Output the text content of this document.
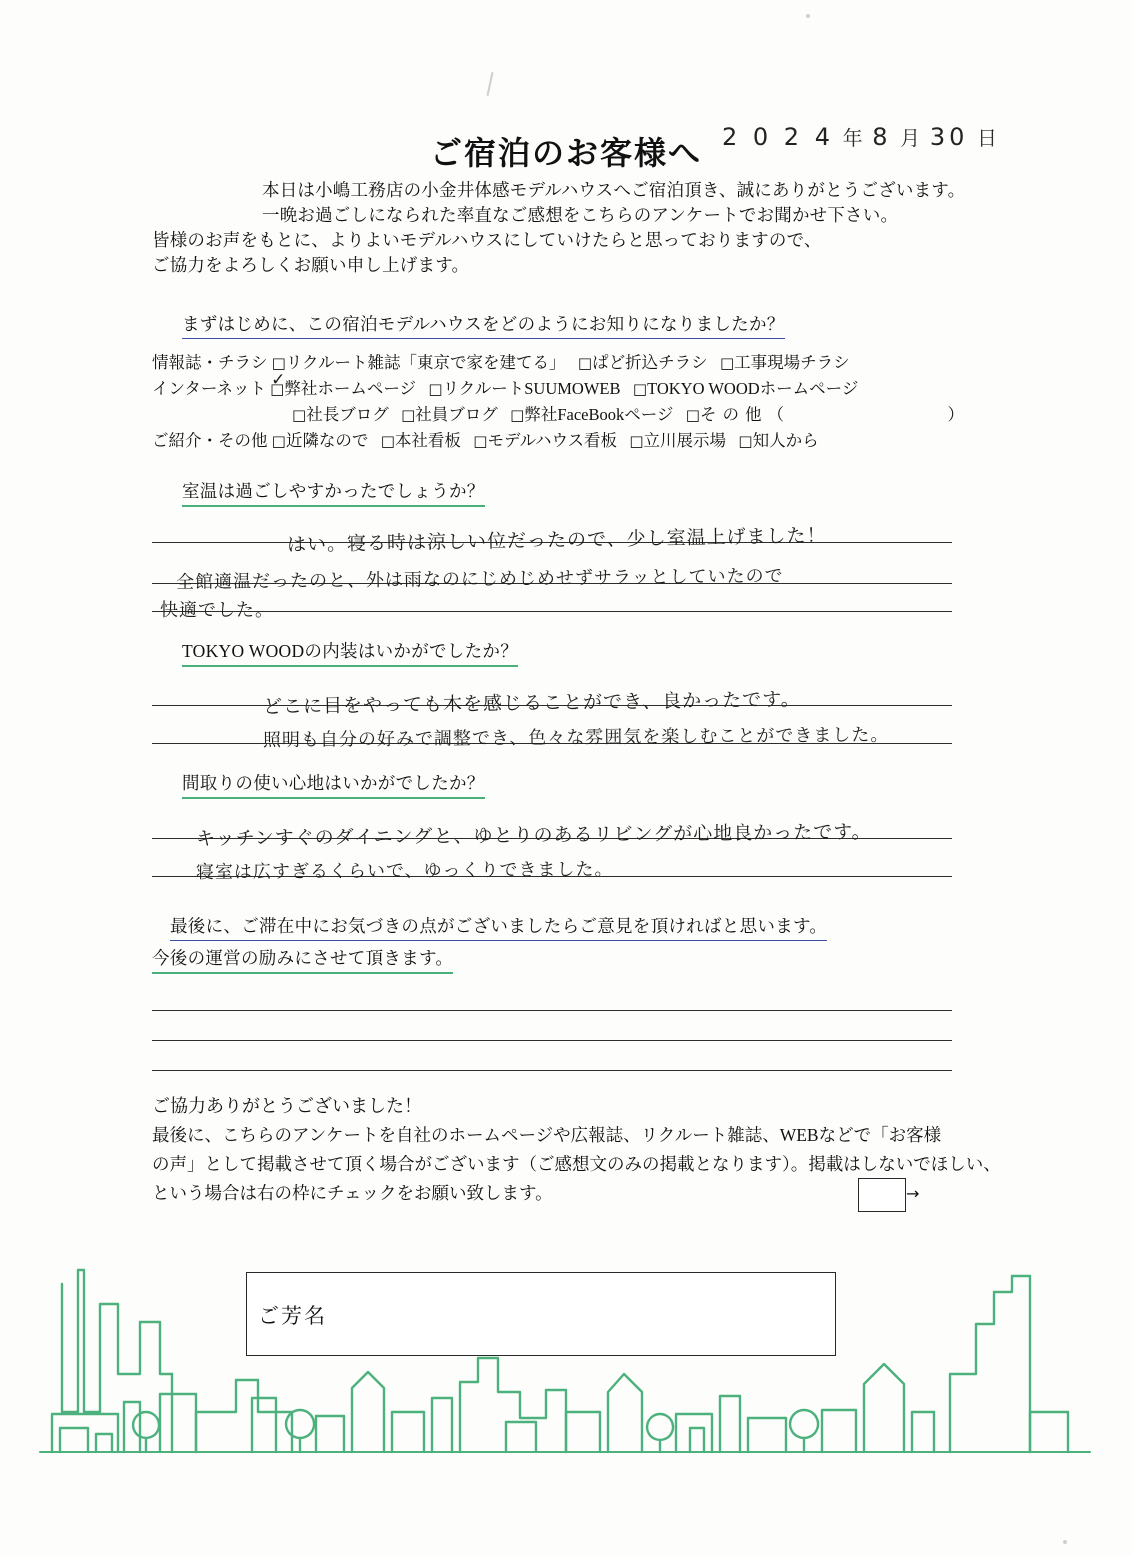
ご宿泊のお客様へ 2 0 2 4 年 8 月 30 日
本日は小嶋工務店の小金井体感モデルハウスへご宿泊頂き、誠にありがとうございます。
一晩お過ごしになられた率直なご感想をこちらのアンケートでお聞かせ下さい。
皆様のお声をもとに、よりよいモデルハウスにしていけたらと思っておりますので、
ご協力をよろしくお願い申し上げます。
まずはじめに、この宿泊モデルハウスをどのようにお知りになりましたか？
情報誌・チラシ □リクルート雑誌「東京で家を建てる」 □ぱど折込チラシ □工事現場チラシ
インターネット □ ✓弊社ホームページ □リクルートSUUMOWEB □TOKYO WOODホームページ
□社長ブログ □社員ブログ □弊社FaceBookページ □その他（　　　　　　　）
ご紹介・その他 □近隣なので □本社看板 □モデルハウス看板 □立川展示場 □知人から
室温は過ごしやすかったでしょうか？
はい。寝る時は涼しい位だったので、少し室温上げました！
全館適温だったのと、外は雨なのにじめじめせずサラッとしていたので
快適でした。
TOKYO WOODの内装はいかがでしたか？
どこに目をやっても木を感じることができ、良かったです。
照明も自分の好みで調整でき、色々な雰囲気を楽しむことができました。
間取りの使い心地はいかがでしたか？
キッチンすぐのダイニングと、ゆとりのあるリビングが心地良かったです。
寝室は広すぎるくらいで、ゆっくりできました。
最後に、ご滞在中にお気づきの点がございましたらご意見を頂ければと思います。
今後の運営の励みにさせて頂きます。
ご協力ありがとうございました！
最後に、こちらのアンケートを自社のホームページや広報誌、リクルート雑誌、WEBなどで「お客様
の声」として掲載させて頂く場合がございます（ご感想文のみの掲載となります）。掲載はしないでほしい、
という場合は右の枠にチェックをお願い致します。	→
ご芳名
